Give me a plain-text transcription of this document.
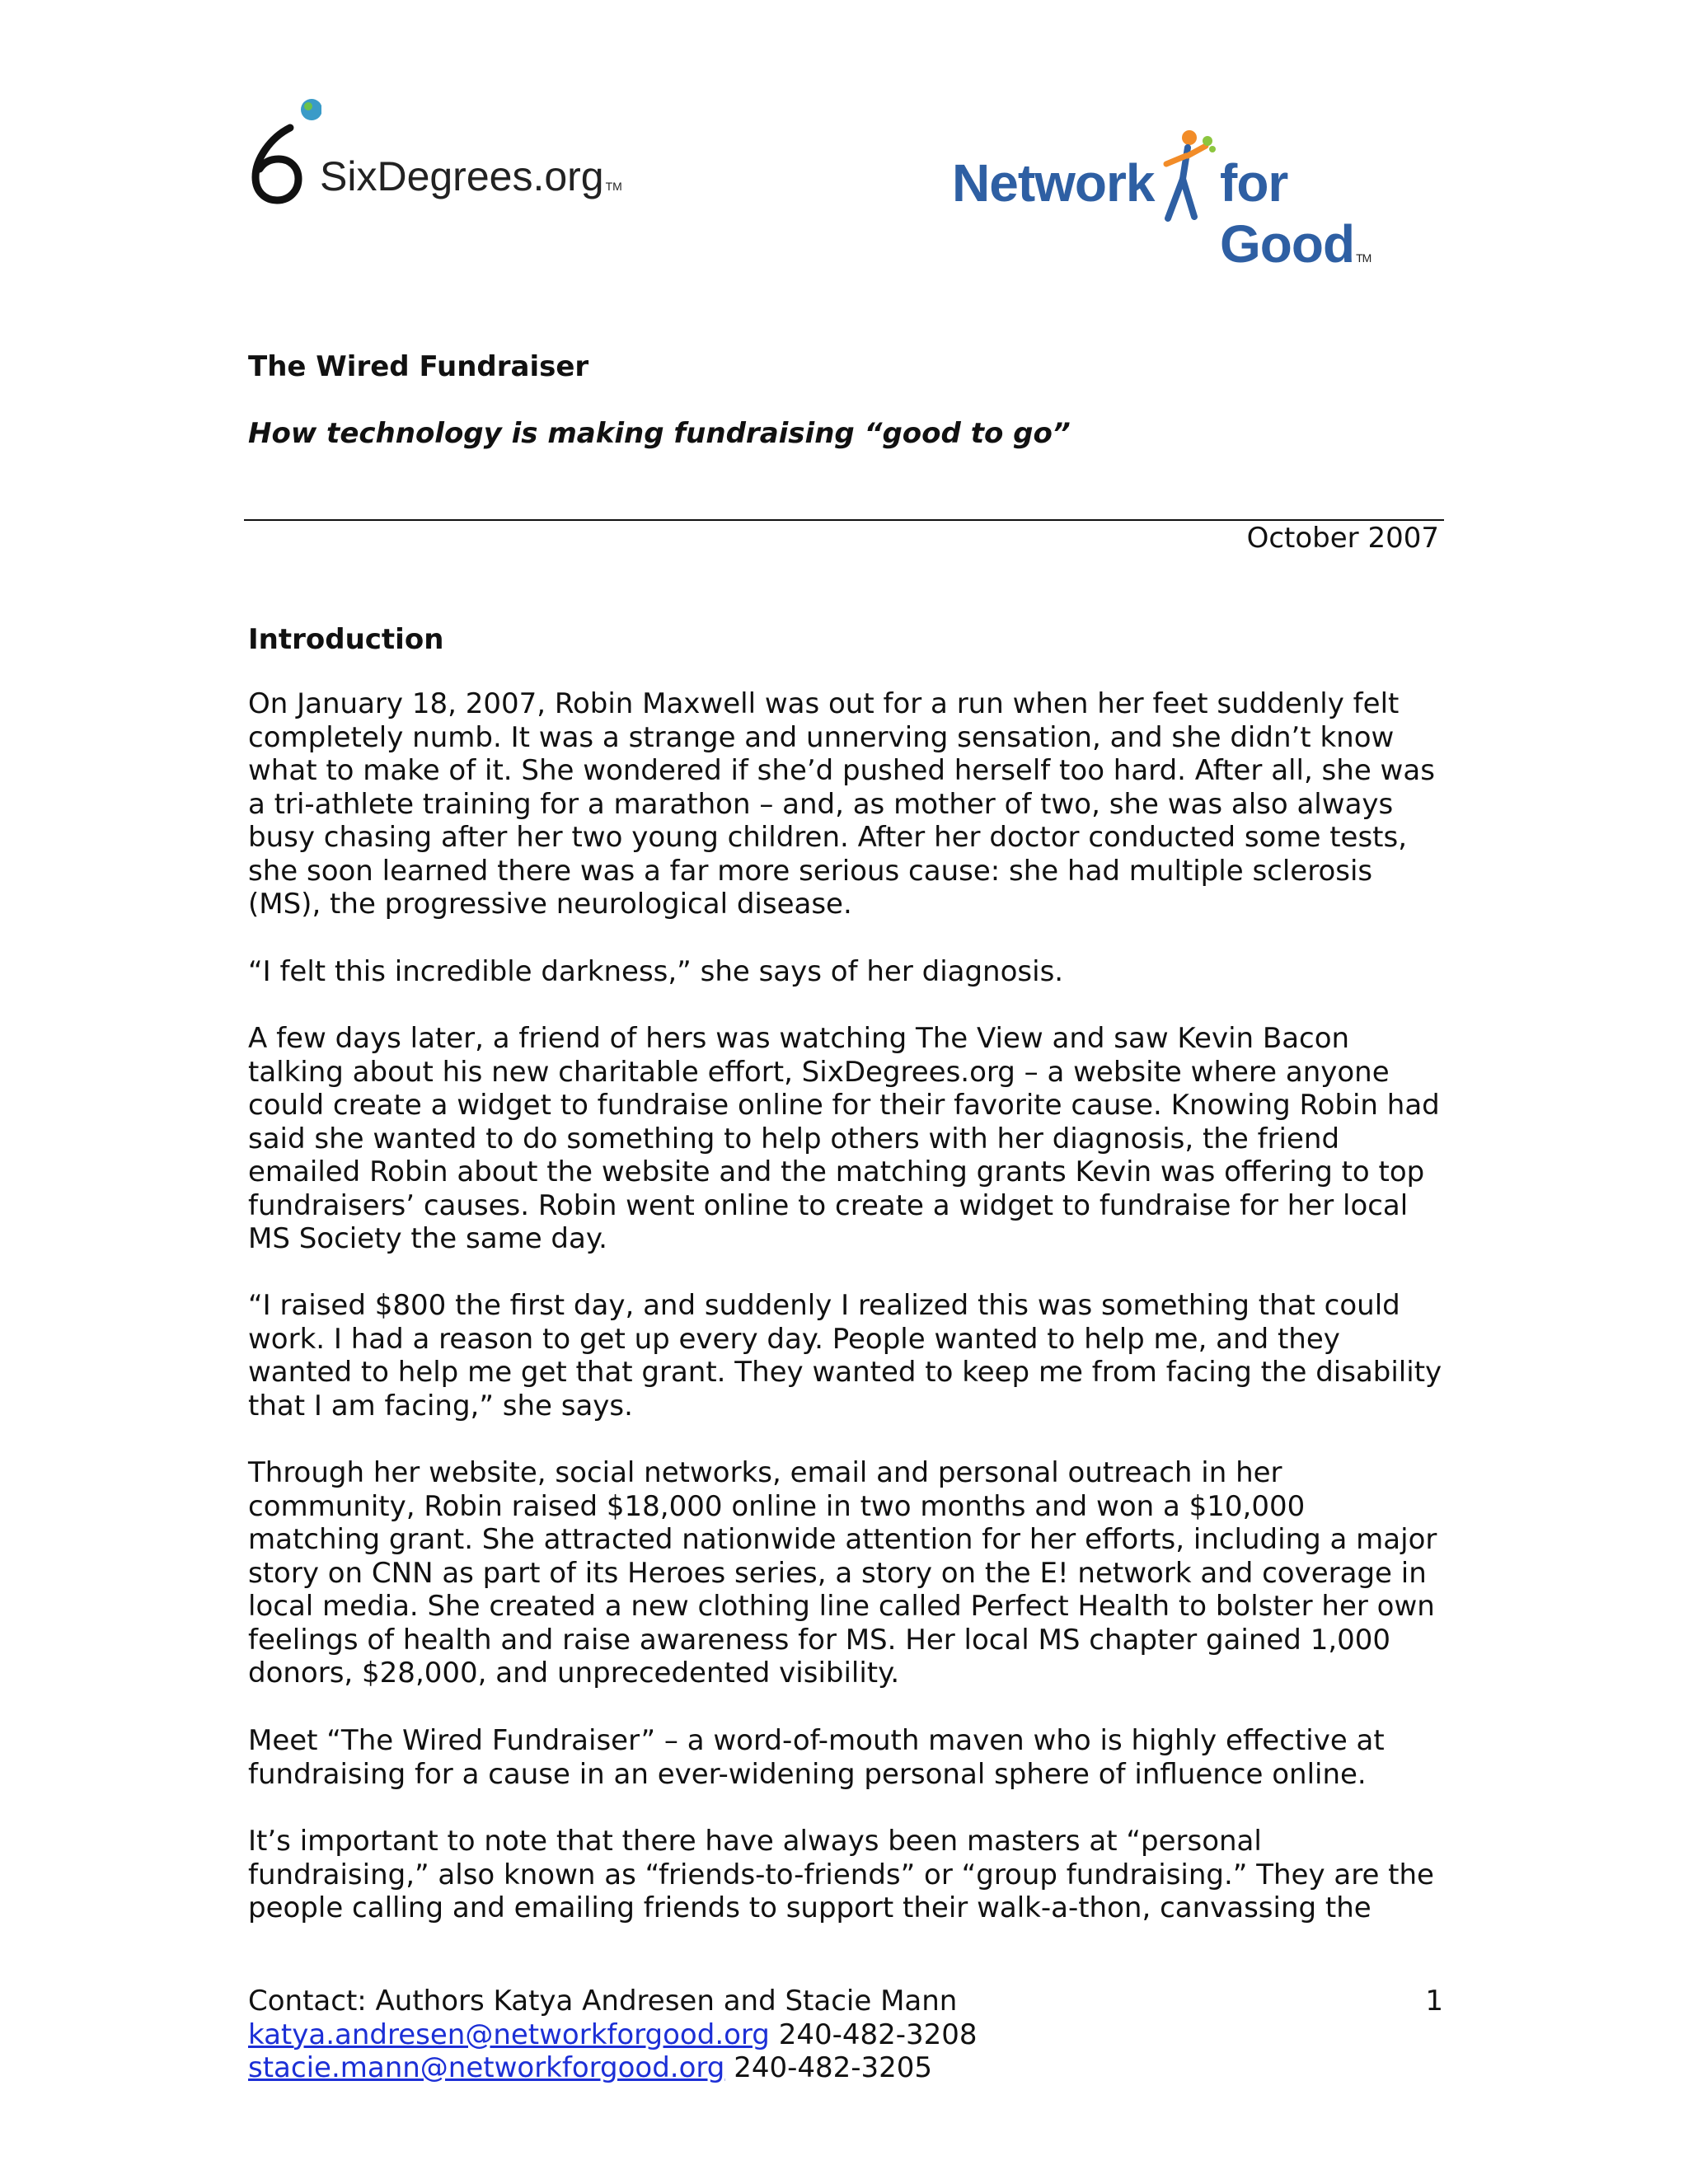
SixDegrees.org TM	Network for Good TM

The Wired Fundraiser

How technology is making fundraising “good to go”

Introduction

On January 18, 2007, Robin Maxwell was out for a run when her feet suddenly felt completely numb. It was a strange and unnerving sensation, and she didn’t know what to make of it. She wondered if she’d pushed herself too hard. After all, she was a tri-athlete training for a marathon – and, as mother of two, she was also always busy chasing after her two young children. After her doctor conducted some tests, she soon learned there was a far more serious cause: she had multiple sclerosis (MS), the progressive neurological disease.

“I felt this incredible darkness,” she says of her diagnosis.

A few days later, a friend of hers was watching The View and saw Kevin Bacon talking about his new charitable effort, SixDegrees.org – a website where anyone could create a widget to fundraise online for their favorite cause. Knowing Robin had said she wanted to do something to help others with her diagnosis, the friend emailed Robin about the website and the matching grants Kevin was offering to top fundraisers’ causes. Robin went online to create a widget to fundraise for her local MS Society the same day.

“I raised $800 the first day, and suddenly I realized this was something that could work. I had a reason to get up every day. People wanted to help me, and they wanted to help me get that grant. They wanted to keep me from facing the disability that I am facing,” she says.

Through her website, social networks, email and personal outreach in her community, Robin raised $18,000 online in two months and won a $10,000 matching grant. She attracted nationwide attention for her efforts, including a major story on CNN as part of its Heroes series, a story on the E! network and coverage in local media. She created a new clothing line called Perfect Health to bolster her own feelings of health and raise awareness for MS. Her local MS chapter gained 1,000 donors, $28,000, and unprecedented visibility.

Meet “The Wired Fundraiser” – a word-of-mouth maven who is highly effective at fundraising for a cause in an ever-widening personal sphere of influence online.

It’s important to note that there have always been masters at “personal fundraising,” also known as “friends-to-friends” or “group fundraising.” They are the people calling and emailing friends to support their walk-a-thon, canvassing the

October 2007
Contact: Authors Katya Andresen and Stacie Mann	1
katya.andresen@networkforgood.org 240-482-3208
stacie.mann@networkforgood.org 240-482-3205
